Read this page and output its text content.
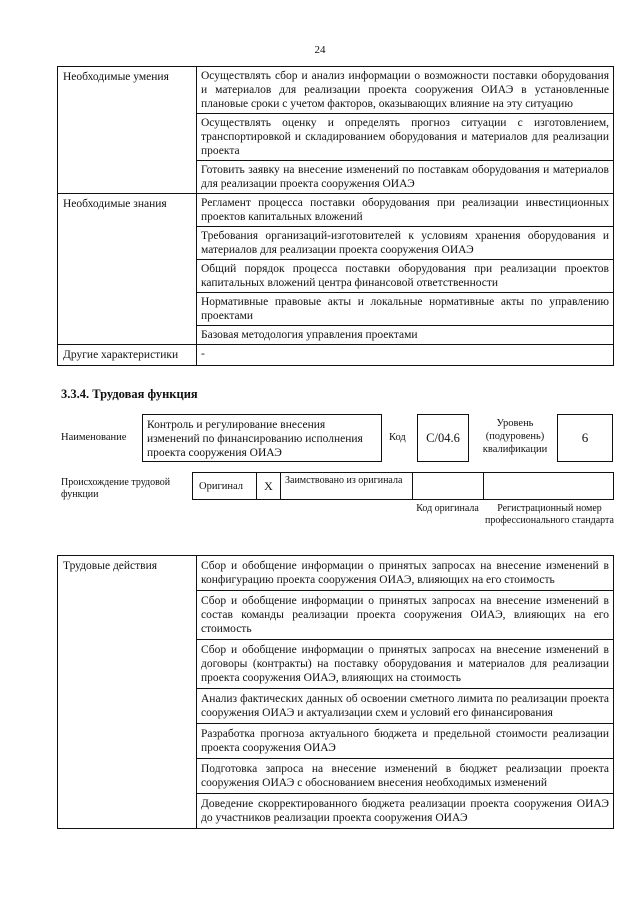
24
Необходимые умения	Осуществлять сбор и анализ информации о возможности поставки оборудования и материалов для реализации проекта сооружения ОИАЭ в установленные плановые сроки с учетом факторов, оказывающих влияние на эту ситуацию
	Осуществлять оценку и определять прогноз ситуации с изготовлением, транспортировкой и складированием оборудования и материалов для реализации проекта
	Готовить заявку на внесение изменений по поставкам оборудования и материалов для реализации проекта сооружения ОИАЭ
Необходимые знания	Регламент процесса поставки оборудования при реализации инвестиционных проектов капитальных вложений
	Требования организаций-изготовителей к условиям хранения оборудования и материалов для реализации проекта сооружения ОИАЭ
	Общий порядок процесса поставки оборудования при реализации проектов капитальных вложений центра финансовой ответственности
	Нормативные правовые акты и локальные нормативные акты по управлению проектами
	Базовая методология управления проектами
Другие характеристики	-
3.3.4. Трудовая функция
Наименование
Контроль и регулирование внесения изменений по финансированию исполнения проекта сооружения ОИАЭ
Код	С/04.6
Уровень (подуровень) квалификации
6
Происхождение трудовой функции
Оригинал	X	Заимствовано из оригинала
Код оригинала	Регистрационный номер профессионального стандарта
Трудовые действия	Сбор и обобщение информации о принятых запросах на внесение изменений в конфигурацию проекта сооружения ОИАЭ, влияющих на его стоимость
Сбор и обобщение информации о принятых запросах на внесение изменений в состав команды реализации проекта сооружения ОИАЭ, влияющих на его стоимость
Сбор и обобщение информации о принятых запросах на внесение изменений в договоры (контракты) на поставку оборудования и материалов для реализации проекта сооружения ОИАЭ, влияющих на стоимость
Анализ фактических данных об освоении сметного лимита по реализации проекта сооружения ОИАЭ и актуализации схем и условий его финансирования
Разработка прогноза актуального бюджета и предельной стоимости реализации проекта сооружения ОИАЭ
Подготовка запроса на внесение изменений в бюджет реализации проекта сооружения ОИАЭ с обоснованием внесения необходимых изменений
Доведение скорректированного бюджета реализации проекта сооружения ОИАЭ до участников реализации проекта сооружения ОИАЭ
